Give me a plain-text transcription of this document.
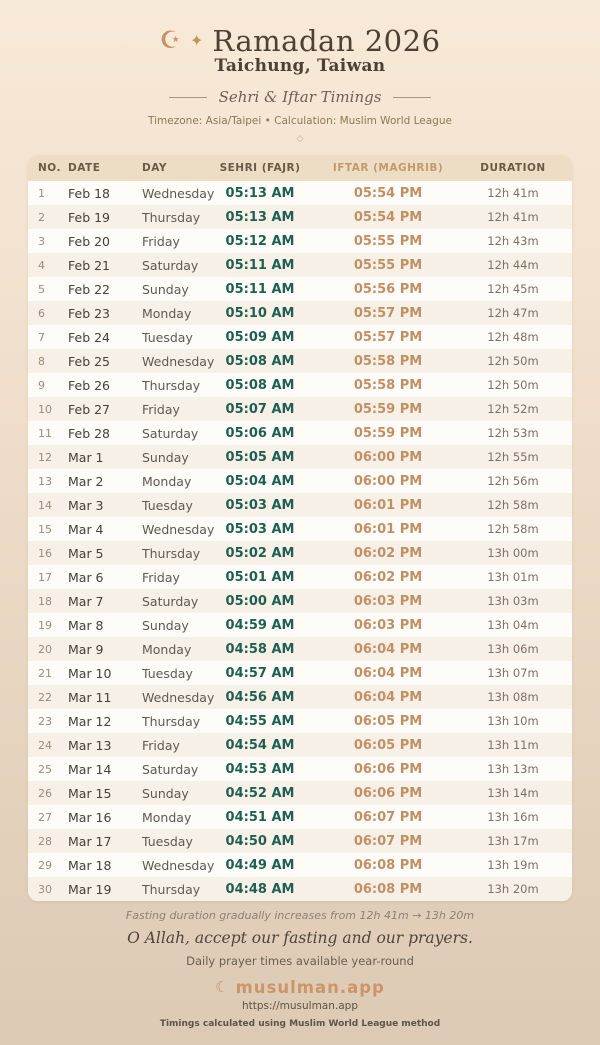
☪ ✦ Ramadan 2026
Taichung, Taiwan
Sehri & Iftar Timings
Timezone: Asia/Taipei • Calculation: Muslim World League
◇
NO. DATE	DAY	SEHRI (FAJR)	IFTAR (MAGHRIB)	DURATION
1	Feb 18	Wednesday 05:13 AM	05:54 PM	12h 41m
2	Feb 19	Thursday	05:13 AM	05:54 PM	12h 41m
3	Feb 20	Friday	05:12 AM	05:55 PM	12h 43m
4	Feb 21	Saturday	05:11 AM	05:55 PM	12h 44m
5	Feb 22	Sunday	05:11 AM	05:56 PM	12h 45m
6	Feb 23	Monday	05:10 AM	05:57 PM	12h 47m
7	Feb 24	Tuesday	05:09 AM	05:57 PM	12h 48m
8	Feb 25	Wednesday 05:08 AM	05:58 PM	12h 50m
9	Feb 26	Thursday	05:08 AM	05:58 PM	12h 50m
10	Feb 27	Friday	05:07 AM	05:59 PM	12h 52m
11	Feb 28	Saturday	05:06 AM	05:59 PM	12h 53m
12	Mar 1	Sunday	05:05 AM	06:00 PM	12h 55m
13	Mar 2	Monday	05:04 AM	06:00 PM	12h 56m
14	Mar 3	Tuesday	05:03 AM	06:01 PM	12h 58m
15	Mar 4	Wednesday 05:03 AM	06:01 PM	12h 58m
16	Mar 5	Thursday	05:02 AM	06:02 PM	13h 00m
17	Mar 6	Friday	05:01 AM	06:02 PM	13h 01m
18	Mar 7	Saturday	05:00 AM	06:03 PM	13h 03m
19	Mar 8	Sunday	04:59 AM	06:03 PM	13h 04m
20	Mar 9	Monday	04:58 AM	06:04 PM	13h 06m
21	Mar 10	Tuesday	04:57 AM	06:04 PM	13h 07m
22	Mar 11	Wednesday 04:56 AM	06:04 PM	13h 08m
23	Mar 12	Thursday	04:55 AM	06:05 PM	13h 10m
24	Mar 13	Friday	04:54 AM	06:05 PM	13h 11m
25	Mar 14	Saturday	04:53 AM	06:06 PM	13h 13m
26	Mar 15	Sunday	04:52 AM	06:06 PM	13h 14m
27	Mar 16	Monday	04:51 AM	06:07 PM	13h 16m
28	Mar 17	Tuesday	04:50 AM	06:07 PM	13h 17m
29	Mar 18	Wednesday 04:49 AM	06:08 PM	13h 19m
30	Mar 19	Thursday	04:48 AM	06:08 PM	13h 20m
Fasting duration gradually increases from 12h 41m → 13h 20m
O Allah, accept our fasting and our prayers.
Daily prayer times available year-round
☾ musulman.app
https://musulman.app
Timings calculated using Muslim World League method
